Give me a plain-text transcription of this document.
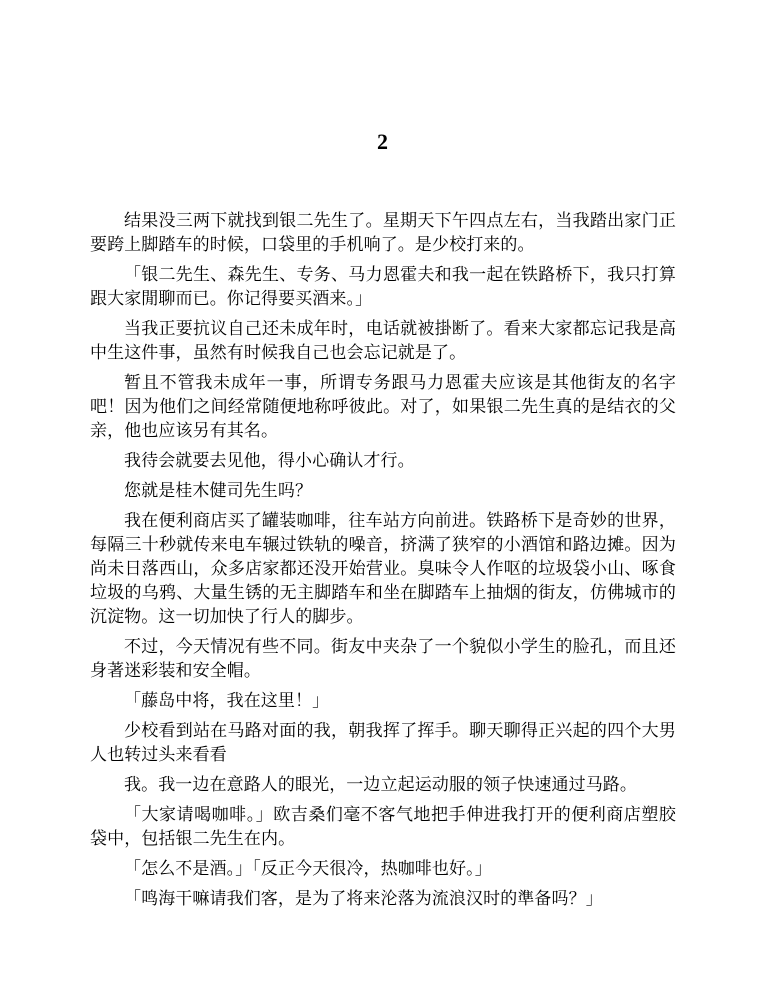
2

结果没三两下就找到银二先生了。星期天下午四点左右，当我踏出家门正要跨上脚踏车的时候，口袋里的手机响了。是少校打来的。

「银二先生、森先生、专务、马力恩霍夫和我一起在铁路桥下，我只打算跟大家閒聊而已。你记得要买酒来。」

当我正要抗议自己还未成年时，电话就被掛断了。看来大家都忘记我是高中生这件事，虽然有时候我自己也会忘记就是了。

暂且不管我未成年一事，所谓专务跟马力恩霍夫应该是其他街友的名字吧！因为他们之间经常随便地称呼彼此。对了，如果银二先生真的是结衣的父亲，他也应该另有其名。

我待会就要去见他，得小心确认才行。

您就是桂木健司先生吗？

我在便利商店买了罐装咖啡，往车站方向前进。铁路桥下是奇妙的世界，每隔三十秒就传来电车辗过铁轨的噪音，挤满了狭窄的小酒馆和路边摊。因为尚未日落西山，众多店家都还没开始营业。臭味令人作呕的垃圾袋小山、啄食垃圾的乌鸦、大量生锈的无主脚踏车和坐在脚踏车上抽烟的街友，仿佛城市的沉淀物。这一切加快了行人的脚步。

不过，今天情况有些不同。街友中夹杂了一个貌似小学生的脸孔，而且还身著迷彩装和安全帽。

「藤岛中将，我在这里！」

少校看到站在马路对面的我，朝我挥了挥手。聊天聊得正兴起的四个大男人也转过头来看看

我。我一边在意路人的眼光，一边立起运动服的领子快速通过马路。

「大家请喝咖啡。」欧吉桑们毫不客气地把手伸进我打开的便利商店塑胶袋中，包括银二先生在内。

「怎么不是酒。」「反正今天很冷，热咖啡也好。」

「鸣海干嘛请我们客，是为了将来沦落为流浪汉时的準备吗？」
